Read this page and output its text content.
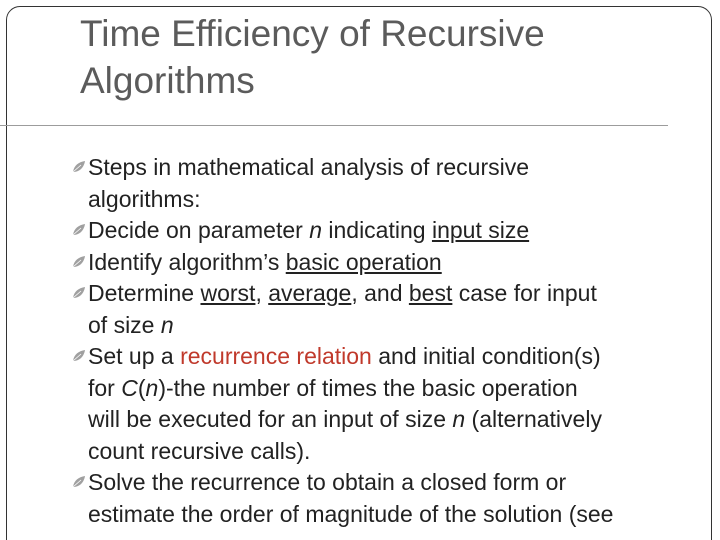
Time Efficiency of Recursive
Algorithms
Steps in mathematical analysis of recursive
algorithms:
Decide on parameter n indicating input size
Identify algorithm’s basic operation
Determine worst, average, and best case for input
of size n
Set up a recurrence relation and initial condition(s)
for C(n)-the number of times the basic operation
will be executed for an input of size n (alternatively
count recursive calls).
Solve the recurrence to obtain a closed form or
estimate the order of magnitude of the solution (see
